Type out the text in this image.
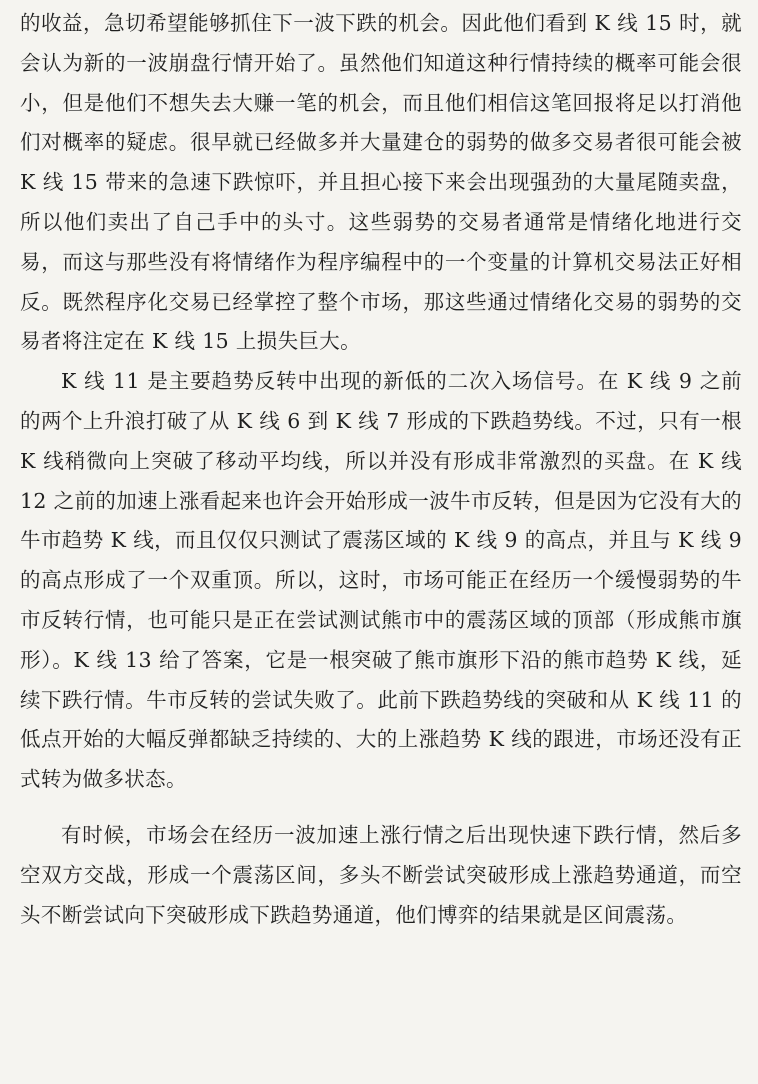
的收益，急切希望能够抓住下一波下跌的机会。因此他们看到 K 线 15 时，就会认为新的一波崩盘行情开始了。虽然他们知道这种行情持续的概率可能会很小，但是他们不想失去大赚一笔的机会，而且他们相信这笔回报将足以打消他们对概率的疑虑。很早就已经做多并大量建仓的弱势的做多交易者很可能会被 K 线 15 带来的急速下跌惊吓，并且担心接下来会出现强劲的大量尾随卖盘，所以他们卖出了自己手中的头寸。这些弱势的交易者通常是情绪化地进行交易，而这与那些没有将情绪作为程序编程中的一个变量的计算机交易法正好相反。既然程序化交易已经掌控了整个市场，那这些通过情绪化交易的弱势的交易者将注定在 K 线 15 上损失巨大。

K 线 11 是主要趋势反转中出现的新低的二次入场信号。在 K 线 9 之前的两个上升浪打破了从 K 线 6 到 K 线 7 形成的下跌趋势线。不过，只有一根 K 线稍微向上突破了移动平均线，所以并没有形成非常激烈的买盘。在 K 线 12 之前的加速上涨看起来也许会开始形成一波牛市反转，但是因为它没有大的牛市趋势 K 线，而且仅仅只测试了震荡区域的 K 线 9 的高点，并且与 K 线 9 的高点形成了一个双重顶。所以，这时，市场可能正在经历一个缓慢弱势的牛市反转行情，也可能只是正在尝试测试熊市中的震荡区域的顶部（形成熊市旗形）。K 线 13 给了答案，它是一根突破了熊市旗形下沿的熊市趋势 K 线，延续下跌行情。牛市反转的尝试失败了。此前下跌趋势线的突破和从 K 线 11 的低点开始的大幅反弹都缺乏持续的、大的上涨趋势 K 线的跟进，市场还没有正式转为做多状态。

有时候，市场会在经历一波加速上涨行情之后出现快速下跌行情，然后多空双方交战，形成一个震荡区间，多头不断尝试突破形成上涨趋势通道，而空头不断尝试向下突破形成下跌趋势通道，他们博弈的结果就是区间震荡。
